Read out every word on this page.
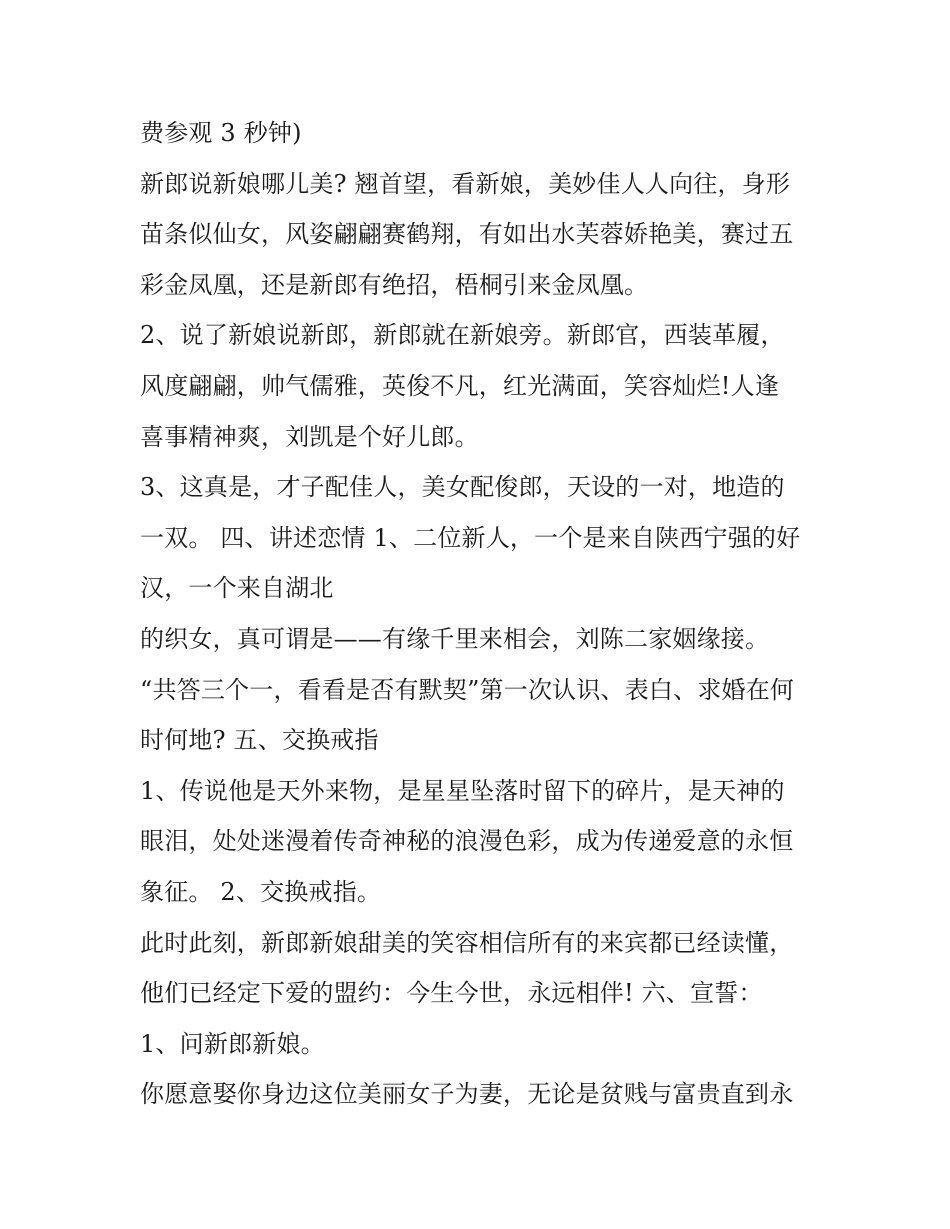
费参观 3 秒钟)
新郎说新娘哪儿美? 翘首望，看新娘，美妙佳人人向往，身形
苗条似仙女，风姿翩翩赛鹤翔，有如出水芙蓉娇艳美，赛过五
彩金凤凰，还是新郎有绝招，梧桐引来金凤凰。
2、说了新娘说新郎，新郎就在新娘旁。新郎官，西装革履，
风度翩翩，帅气儒雅，英俊不凡，红光满面，笑容灿烂!人逢
喜事精神爽，刘凯是个好儿郎。
3、这真是，才子配佳人，美女配俊郎，天设的一对，地造的
一双。 四、讲述恋情 1、二位新人，一个是来自陕西宁强的好
汉，一个来自湖北
的织女，真可谓是——有缘千里来相会，刘陈二家姻缘接。
“共答三个一，看看是否有默契”第一次认识、表白、求婚在何
时何地? 五、交换戒指
1、传说他是天外来物，是星星坠落时留下的碎片，是天神的
眼泪，处处迷漫着传奇神秘的浪漫色彩，成为传递爱意的永恒
象征。 2、交换戒指。
此时此刻，新郎新娘甜美的笑容相信所有的来宾都已经读懂，
他们已经定下爱的盟约：今生今世，永远相伴! 六、宣誓：
1、问新郎新娘。
你愿意娶你身边这位美丽女子为妻，无论是贫贱与富贵直到永
